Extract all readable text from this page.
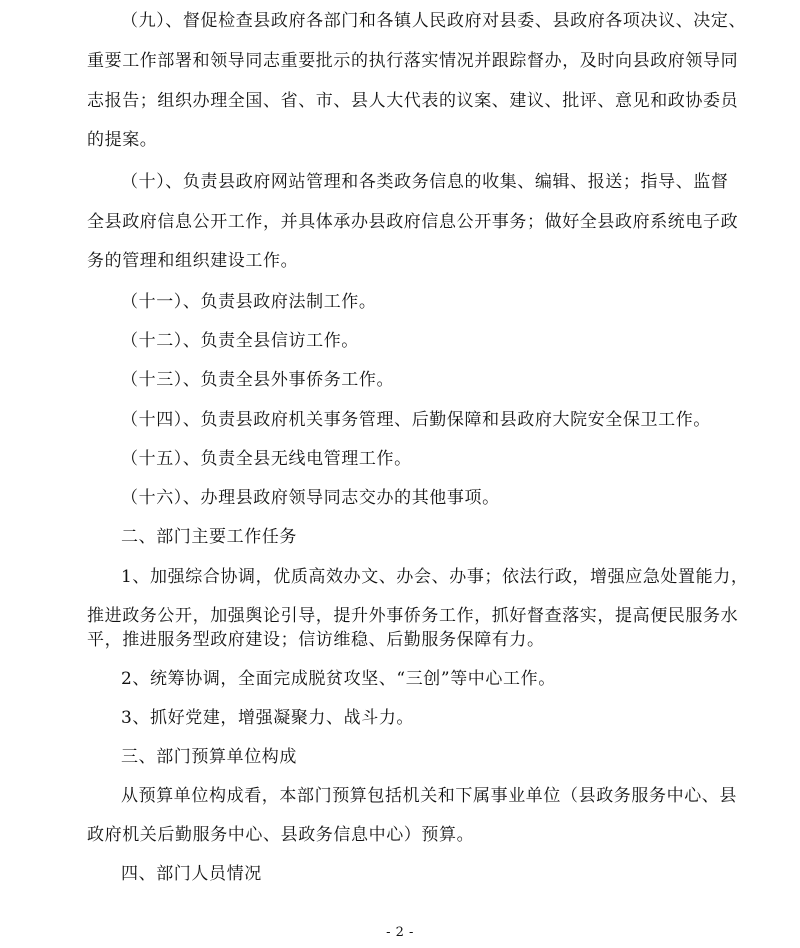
（九）、督促检查县政府各部门和各镇人民政府对县委、县政府各项决议、决定、
重要工作部署和领导同志重要批示的执行落实情况并跟踪督办，及时向县政府领导同
志报告；组织办理全国、省、市、县人大代表的议案、建议、批评、意见和政协委员
的提案。
（十）、负责县政府网站管理和各类政务信息的收集、编辑、报送；指导、监督
全县政府信息公开工作，并具体承办县政府信息公开事务；做好全县政府系统电子政
务的管理和组织建设工作。
（十一）、负责县政府法制工作。
（十二）、负责全县信访工作。
（十三）、负责全县外事侨务工作。
（十四）、负责县政府机关事务管理、后勤保障和县政府大院安全保卫工作。
（十五）、负责全县无线电管理工作。
（十六）、办理县政府领导同志交办的其他事项。
二、部门主要工作任务
1、加强综合协调，优质高效办文、办会、办事；依法行政，增强应急处置能力，
推进政务公开，加强舆论引导，提升外事侨务工作，抓好督查落实，提高便民服务水
平，推进服务型政府建设；信访维稳、后勤服务保障有力。
2、统筹协调，全面完成脱贫攻坚、“三创”等中心工作。
3、抓好党建，增强凝聚力、战斗力。
三、部门预算单位构成
从预算单位构成看，本部门预算包括机关和下属事业单位（县政务服务中心、县
政府机关后勤服务中心、县政务信息中心）预算。
四、部门人员情况
- 2 -
